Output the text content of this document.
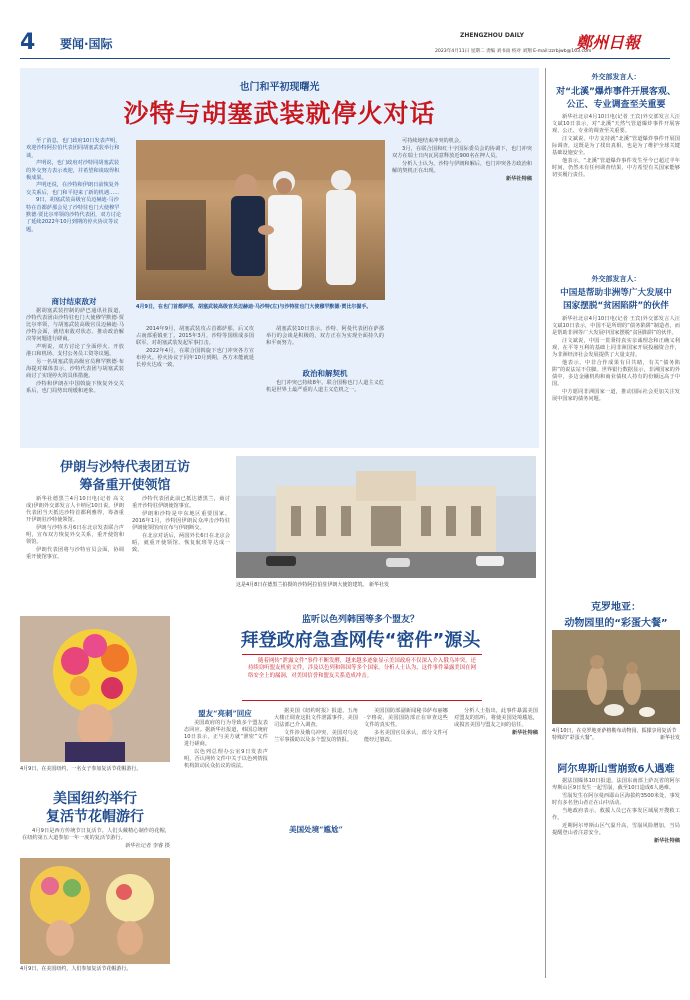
4 要闻·国际
ZHENGZHOU DAILY	鄭州日報
2023年4月11日 星期二 责编 刘书雨 校对 刘翔 E-mail:zzrbjwb@163.com
也门和平初现曙光
沙特与胡塞武装就停火对话

至了消息，也门政府10日发表声明，欢迎沙特阿拉伯代表团同胡塞武装举行和谈。

声明说，也门政府对沙特同胡塞武装的外交努力表示欢迎，并希望和谈取得积极成果。

声明还说，在沙特和伊朗日前恢复外交关系后，也门和平迎来了新的机遇……

9日，胡塞武装高级官员迈赫迪·马沙特在首都萨那会见了沙特驻也门大使穆罕默德·贾比尔率领的沙特代表团，双方讨论了延续2022年10月到期的停火协议等议题。

4月9日，在也门首都萨那，胡塞武装高级官员迈赫迪·马沙特(左)与沙特驻也门大使穆罕默德·贾比尔握手。

可持续地结束冲突的机会。

3月，在联合国和红十字国际委员会的协调下，也门冲突双方在瑞士日内瓦同意释放近900名在押人员。

分析人士认为，沙特与伊朗和解后，也门冲突各方政治和解的契机正在出现。

新华社特稿

商讨结束敌对

据胡塞武装控制的萨巴通讯社报道，沙特代表团由沙特驻也门大使穆罕默德·贾比尔率领，与胡塞武装高级官员迈赫迪·马沙特会面，就结束敌对状态、推动政治解决等问题进行磋商。

声明说，双方讨论了全面停火、开放港口和机场、支付公务员工资等议题。

另一名胡塞武装高级官员穆罕默德·布海提对媒体表示，沙特代表团与胡塞武装商讨了实现停火的具体措施。

沙特和伊朗在中国斡旋下恢复外交关系后，也门局势出现缓和迹象。

2014年9月，胡塞武装攻占首都萨那，后又攻占南部重镇亚丁。2015年3月，沙特等国组成多国联军，对胡塞武装发起军事打击。

2022年4月，在联合国斡旋下也门冲突各方宣布停火。停火协议于同年10月到期，各方未能就延长停火达成一致。

政治和解契机

胡塞武装10日表示，沙特、阿曼代表团在萨那举行的会谈是积极的，双方正在为实现全面持久的和平而努力。

也门冲突已持续8年。联合国称也门人道主义危机是世界上最严重的人道主义危机之一。

伊朗与沙特代表团互访
筹备重开使领馆

新华社德黑兰4月10日电(记者 高文成)伊朗外交部发言人卡纳尼10日说，伊朗代表团当天抵达沙特首都利雅得，筹备重开伊朗驻沙特使领馆。

伊朗与沙特本月6日在北京发表联合声明，宣布双方恢复外交关系，重开使馆和领馆。

伊朗代表团将与沙特官员会面，协调重开使馆事宜。

沙特代表团此前已抵达德黑兰，商讨重开沙特驻伊朗使馆事宜。

伊朗和沙特是中东地区重要国家。2016年1月，沙特因伊朗民众冲击沙特驻伊朗使领馆而宣布与伊朗断交。

在北京对话后，两国外长6日在北京会晤，就重开使领馆、恢复航班等达成一致。

这是4月8日在德黑兰拍摄的沙特阿拉伯驻伊朗大使馆建筑。 新华社发
4月9日，在美国纽约，一名女子参加复活节花帽游行。
美国纽约举行
复活节花帽游行

4月9日是西方传统节日复活节。人们头戴精心制作的花帽，在纽约第五大道参加一年一度的复活节游行。

新华社记者 李睿 摄

4月9日，在美国纽约，人们参加复活节花帽游行。
监听以色列韩国等多个盟友？
拜登政府急查网传“密件”源头
随着网传“泄露文件”事件不断发酵，越来越多迹象显示美国政府不仅深入介入俄乌冲突，还持续窃听盟友机密文件，涉及以色列和韩国等多个国家。分析人士认为，这件事件暴露美国在网络安全上的漏洞，对美国信誉和盟友关系造成冲击。
盟友“亮刺”回应

美国政府的行为导致多个盟友表态回应。据新华社报道，韩国总统府10日表示，正与美方就“泄密”文件进行磋商。

以色列总理办公室9日发表声明，否认网传文件中关于以色列情报机构鼓动民众抗议的说法。

据美国《纽约时报》报道，五角大楼正调查这批文件泄露事件，美国司法部已介入调查。

文件涉及俄乌冲突、美国对乌克兰军事援助以及多个盟友的情报。

美国处境“尴尬”

美国国防部副新闻秘书萨布丽娜·辛格说，美国国防部正在审查这些文件的真实性。

多名美国官员承认，部分文件可能经过篡改。

分析人士指出，此事件暴露美国对盟友的监听，将使美国处境尴尬，或损害美国与盟友之间的信任。

新华社特稿

外交部发言人：
对“北溪”爆炸事件开展客观、
公正、专业调查至关重要

新华社北京4月10日电(记者 王宾)外交部发言人汪文斌10日表示，对“北溪”天然气管道爆炸事件开展客观、公正、专业的调查至关重要。

汪文斌说，中方支持就“北溪”管道爆炸事件开展国际调查，这既是为了找出真相，也是为了维护全球关键基础设施安全。

他表示，“北溪”管道爆炸事件发生至今已超过半年时间，仍然未有任何调查结果，中方希望有关国家能够切实履行责任。

外交部发言人：
中国是帮助非洲等广大发展中
国家摆脱“贫困陷阱”的伙伴

新华社北京4月10日电(记者 王宾)外交部发言人汪文斌10日表示，中国不是所谓的“债务陷阱”制造者，而是帮助非洲等广大发展中国家摆脱“贫困陷阱”的伙伴。

汪文斌说，中国一贯秉持真实亲诚理念和正确义利观，在平等互利的基础上同非洲国家开展投融资合作，为非洲经济社会发展提供了大量支持。

他表示，中非合作成果有目共睹，有关“债务陷阱”的说法站不住脚。世界银行数据显示，非洲国家的外债中，多边金融机构和商业债权人持有的份额远高于中国。

中方愿同非洲国家一道，推动国际社会更加关注发展中国家的债务问题。

克罗地亚：
动物园里的“彩蛋大餐”
4月10日，在克罗地亚萨格勒布动物园，狐獴享用复活节特殊的“彩蛋大餐”。	新华社发
阿尔卑斯山雪崩致6人遇难

据法国媒体10日报道，法国东南部上萨瓦省的阿尔卑斯山区9日发生一起雪崩，截至10日造成6人遇难。

雪崩发生在阿尔曼西耶山区海拔约3500米处，事发时有多名登山者正在山中活动。

当地政府表示，救援人员已在事发区域展开搜救工作。

近期阿尔卑斯山区气温升高，雪崩风险增加，当局提醒登山者注意安全。

新华社特稿
